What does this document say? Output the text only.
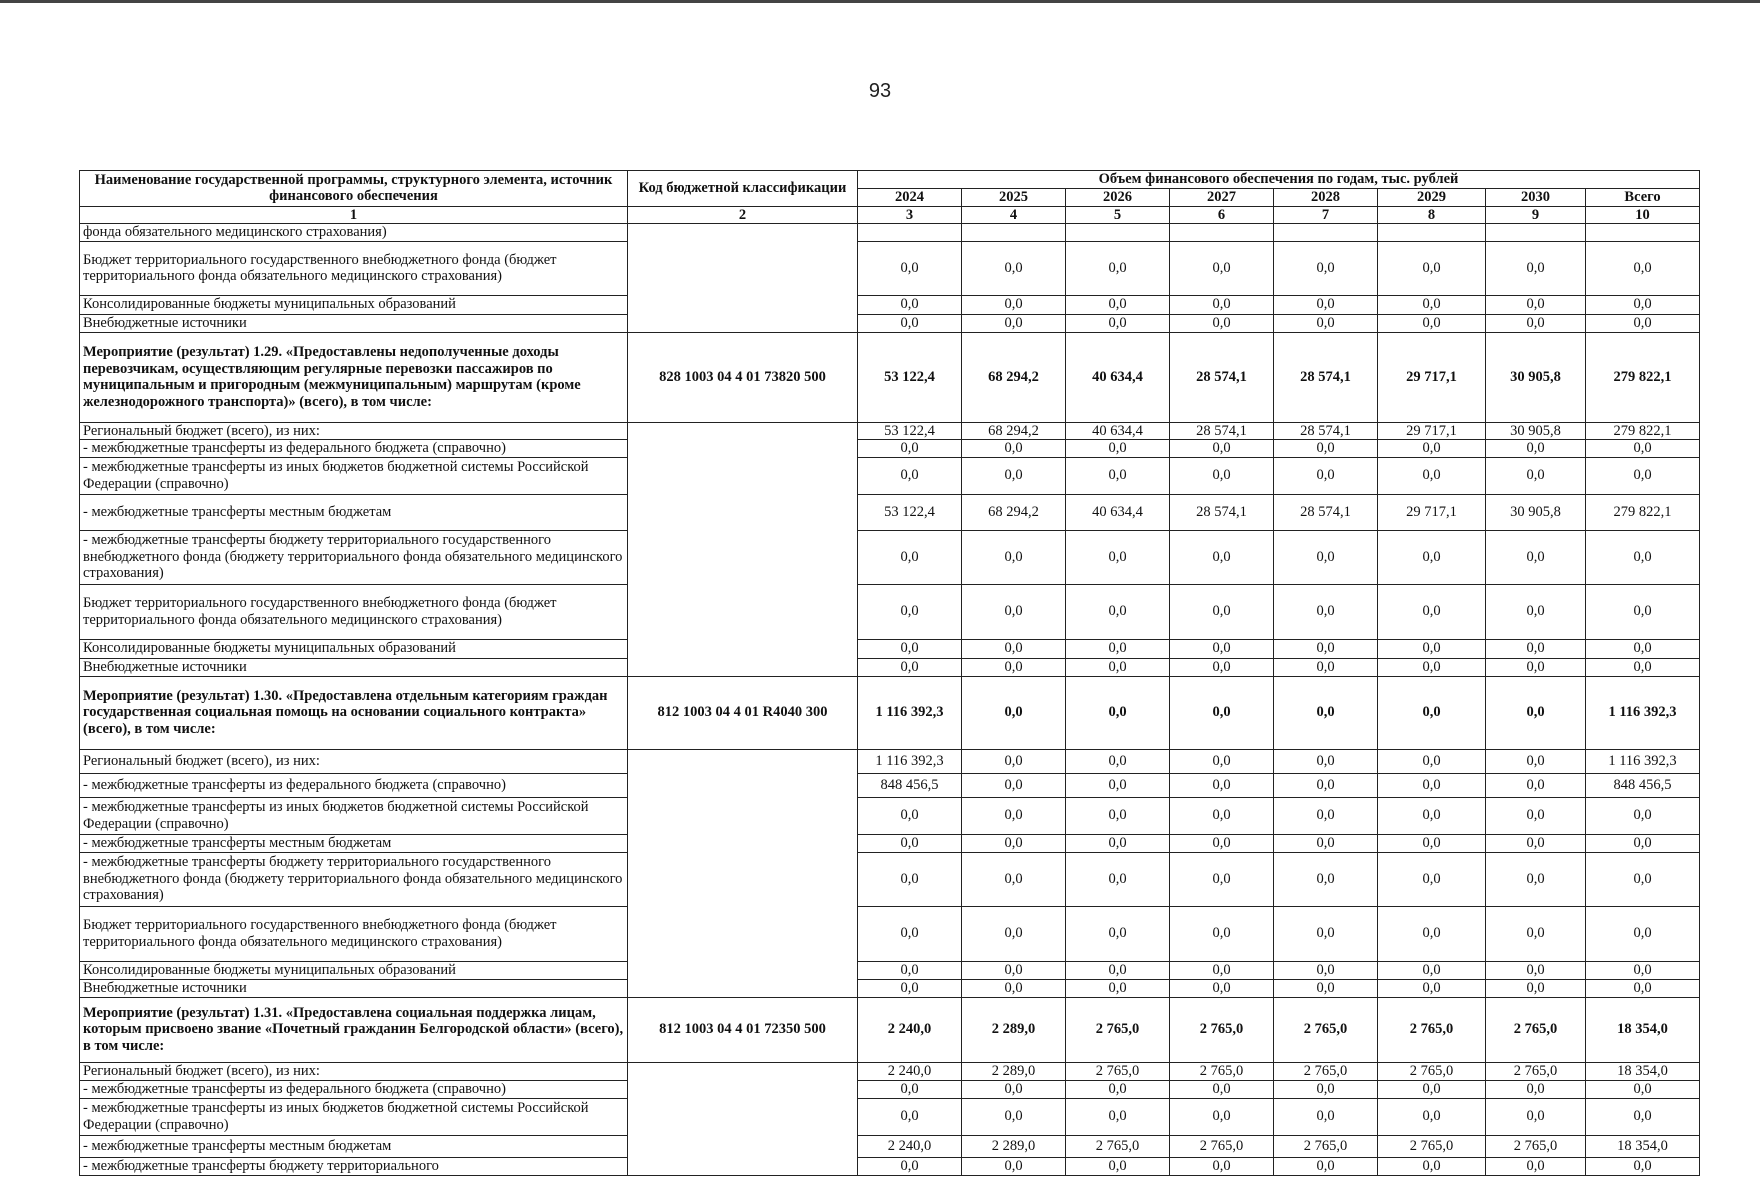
93
Наименование государственной программы, структурного элемента, источник финансового обеспечения	Код бюджетной классификации	Объем финансового обеспечения по годам, тыс. рублей							
		2024	2025	2026	2027	2028	2029	2030	Всего
1	2	3	4	5	6	7	8	9	10
фонда обязательного медицинского страхования)									
Бюджет территориального государственного внебюджетного фонда (бюджет территориального фонда обязательного медицинского страхования)		0,0	0,0	0,0	0,0	0,0	0,0	0,0	0,0
Консолидированные бюджеты муниципальных образований		0,0	0,0	0,0	0,0	0,0	0,0	0,0	0,0
Внебюджетные источники		0,0	0,0	0,0	0,0	0,0	0,0	0,0	0,0
Мероприятие (результат) 1.29. «Предоставлены недополученные доходы перевозчикам, осуществляющим регулярные перевозки пассажиров по муниципальным и пригородным (межмуниципальным) маршрутам (кроме железнодорожного транспорта)» (всего), в том числе:	828 1003 04 4 01 73820 500	53 122,4	68 294,2	40 634,4	28 574,1	28 574,1	29 717,1	30 905,8	279 822,1
Региональный бюджет (всего), из них:		53 122,4	68 294,2	40 634,4	28 574,1	28 574,1	29 717,1	30 905,8	279 822,1
- межбюджетные трансферты из федерального бюджета (справочно)		0,0	0,0	0,0	0,0	0,0	0,0	0,0	0,0
- межбюджетные трансферты из иных бюджетов бюджетной системы Российской Федерации (справочно)		0,0	0,0	0,0	0,0	0,0	0,0	0,0	0,0
- межбюджетные трансферты местным бюджетам		53 122,4	68 294,2	40 634,4	28 574,1	28 574,1	29 717,1	30 905,8	279 822,1
- межбюджетные трансферты бюджету территориального государственного внебюджетного фонда (бюджету территориального фонда обязательного медицинского страхования)		0,0	0,0	0,0	0,0	0,0	0,0	0,0	0,0
Бюджет территориального государственного внебюджетного фонда (бюджет территориального фонда обязательного медицинского страхования)		0,0	0,0	0,0	0,0	0,0	0,0	0,0	0,0
Консолидированные бюджеты муниципальных образований		0,0	0,0	0,0	0,0	0,0	0,0	0,0	0,0
Внебюджетные источники		0,0	0,0	0,0	0,0	0,0	0,0	0,0	0,0
Мероприятие (результат) 1.30. «Предоставлена отдельным категориям граждан государственная социальная помощь на основании социального контракта» (всего), в том числе:	812 1003 04 4 01 R4040 300	1 116 392,3	0,0	0,0	0,0	0,0	0,0	0,0	1 116 392,3
Региональный бюджет (всего), из них:		1 116 392,3	0,0	0,0	0,0	0,0	0,0	0,0	1 116 392,3
- межбюджетные трансферты из федерального бюджета (справочно)		848 456,5	0,0	0,0	0,0	0,0	0,0	0,0	848 456,5
- межбюджетные трансферты из иных бюджетов бюджетной системы Российской Федерации (справочно)		0,0	0,0	0,0	0,0	0,0	0,0	0,0	0,0
- межбюджетные трансферты местным бюджетам		0,0	0,0	0,0	0,0	0,0	0,0	0,0	0,0
- межбюджетные трансферты бюджету территориального государственного внебюджетного фонда (бюджету территориального фонда обязательного медицинского страхования)		0,0	0,0	0,0	0,0	0,0	0,0	0,0	0,0
Бюджет территориального государственного внебюджетного фонда (бюджет территориального фонда обязательного медицинского страхования)		0,0	0,0	0,0	0,0	0,0	0,0	0,0	0,0
Консолидированные бюджеты муниципальных образований		0,0	0,0	0,0	0,0	0,0	0,0	0,0	0,0
Внебюджетные источники		0,0	0,0	0,0	0,0	0,0	0,0	0,0	0,0
Мероприятие (результат) 1.31. «Предоставлена социальная поддержка лицам, которым присвоено звание «Почетный гражданин Белгородской области» (всего), в том числе:	812 1003 04 4 01 72350 500	2 240,0	2 289,0	2 765,0	2 765,0	2 765,0	2 765,0	2 765,0	18 354,0
Региональный бюджет (всего), из них:		2 240,0	2 289,0	2 765,0	2 765,0	2 765,0	2 765,0	2 765,0	18 354,0
- межбюджетные трансферты из федерального бюджета (справочно)		0,0	0,0	0,0	0,0	0,0	0,0	0,0	0,0
- межбюджетные трансферты из иных бюджетов бюджетной системы Российской Федерации (справочно)		0,0	0,0	0,0	0,0	0,0	0,0	0,0	0,0
- межбюджетные трансферты местным бюджетам		2 240,0	2 289,0	2 765,0	2 765,0	2 765,0	2 765,0	2 765,0	18 354,0
- межбюджетные трансферты бюджету территориального		0,0	0,0	0,0	0,0	0,0	0,0	0,0	0,0
